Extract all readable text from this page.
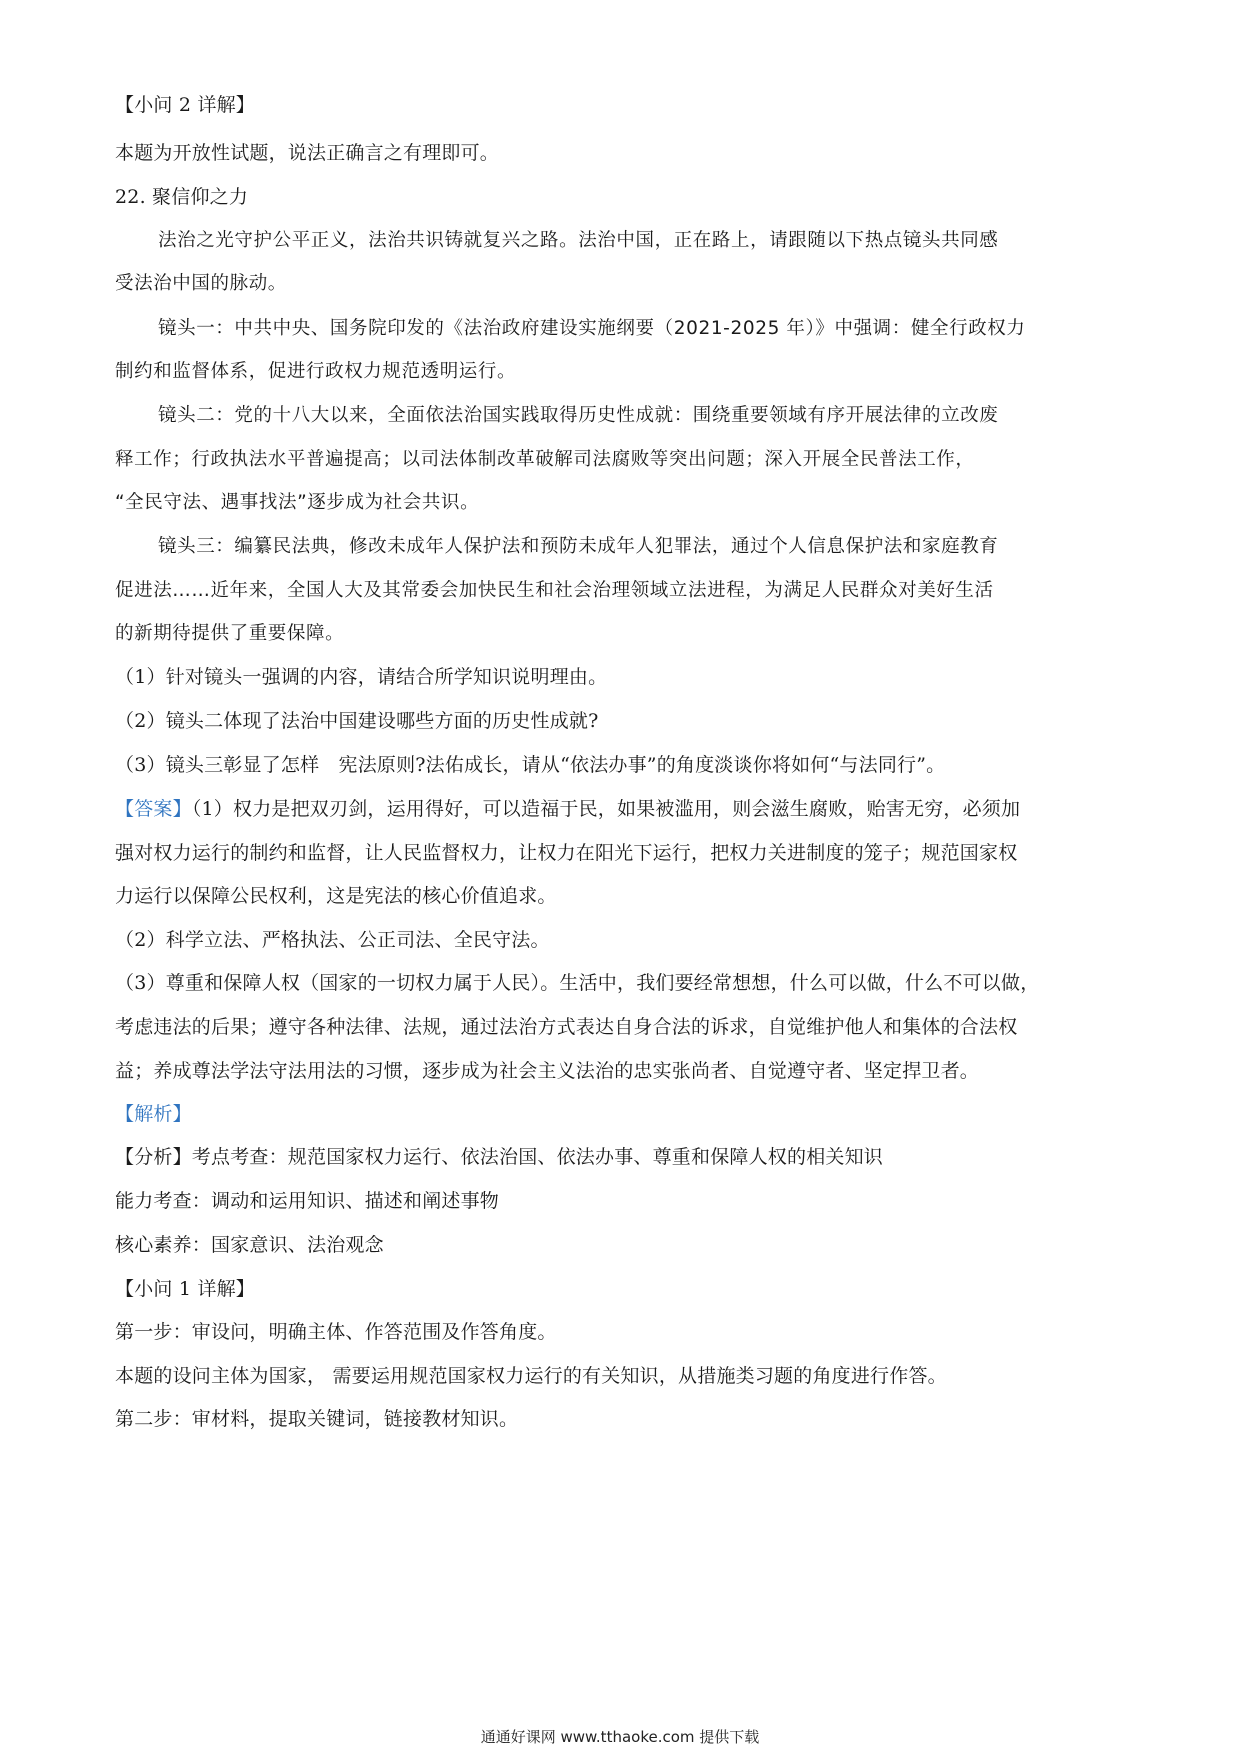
【小问 2 详解】
本题为开放性试题，说法正确言之有理即可。
22. 聚信仰之力
法治之光守护公平正义，法治共识铸就复兴之路。法治中国，正在路上，请跟随以下热点镜头共同感
受法治中国的脉动。
镜头一：中共中央、国务院印发的《法治政府建设实施纲要（2021-2025 年）》中强调：健全行政权力
制约和监督体系，促进行政权力规范透明运行。
镜头二：党的十八大以来，全面依法治国实践取得历史性成就：围绕重要领域有序开展法律的立改废
释工作；行政执法水平普遍提高；以司法体制改革破解司法腐败等突出问题；深入开展全民普法工作，
“全民守法、遇事找法”逐步成为社会共识。
镜头三：编纂民法典，修改未成年人保护法和预防未成年人犯罪法，通过个人信息保护法和家庭教育
促进法……近年来，全国人大及其常委会加快民生和社会治理领域立法进程，为满足人民群众对美好生活
的新期待提供了重要保障。
（1）针对镜头一强调的内容，请结合所学知识说明理由。
（2）镜头二体现了法治中国建设哪些方面的历史性成就?
（3）镜头三彰显了怎样　宪法原则?法佑成长，请从“依法办事”的角度淡谈你将如何“与法同行”。
【答案】（1）权力是把双刃剑，运用得好，可以造福于民，如果被滥用，则会滋生腐败，贻害无穷，必须加
强对权力运行的制约和监督，让人民监督权力，让权力在阳光下运行，把权力关进制度的笼子；规范国家权
力运行以保障公民权利，这是宪法的核心价值追求。
（2）科学立法、严格执法、公正司法、全民守法。
（3）尊重和保障人权（国家的一切权力属于人民）。生活中，我们要经常想想，什么可以做，什么不可以做，
考虑违法的后果；遵守各种法律、法规，通过法治方式表达自身合法的诉求，自觉维护他人和集体的合法权
益；养成尊法学法守法用法的习惯，逐步成为社会主义法治的忠实张尚者、自觉遵守者、坚定捍卫者。
【解析】
【分析】考点考查：规范国家权力运行、依法治国、依法办事、尊重和保障人权的相关知识
能力考查：调动和运用知识、描述和阐述事物
核心素养：国家意识、法治观念
【小问 1 详解】
第一步：审设问，明确主体、作答范围及作答角度。
本题的设问主体为国家， 需要运用规范国家权力运行的有关知识，从措施类习题的角度进行作答。
第二步：审材料，提取关键词，链接教材知识。
通通好课网 www.tthaoke.com 提供下载
